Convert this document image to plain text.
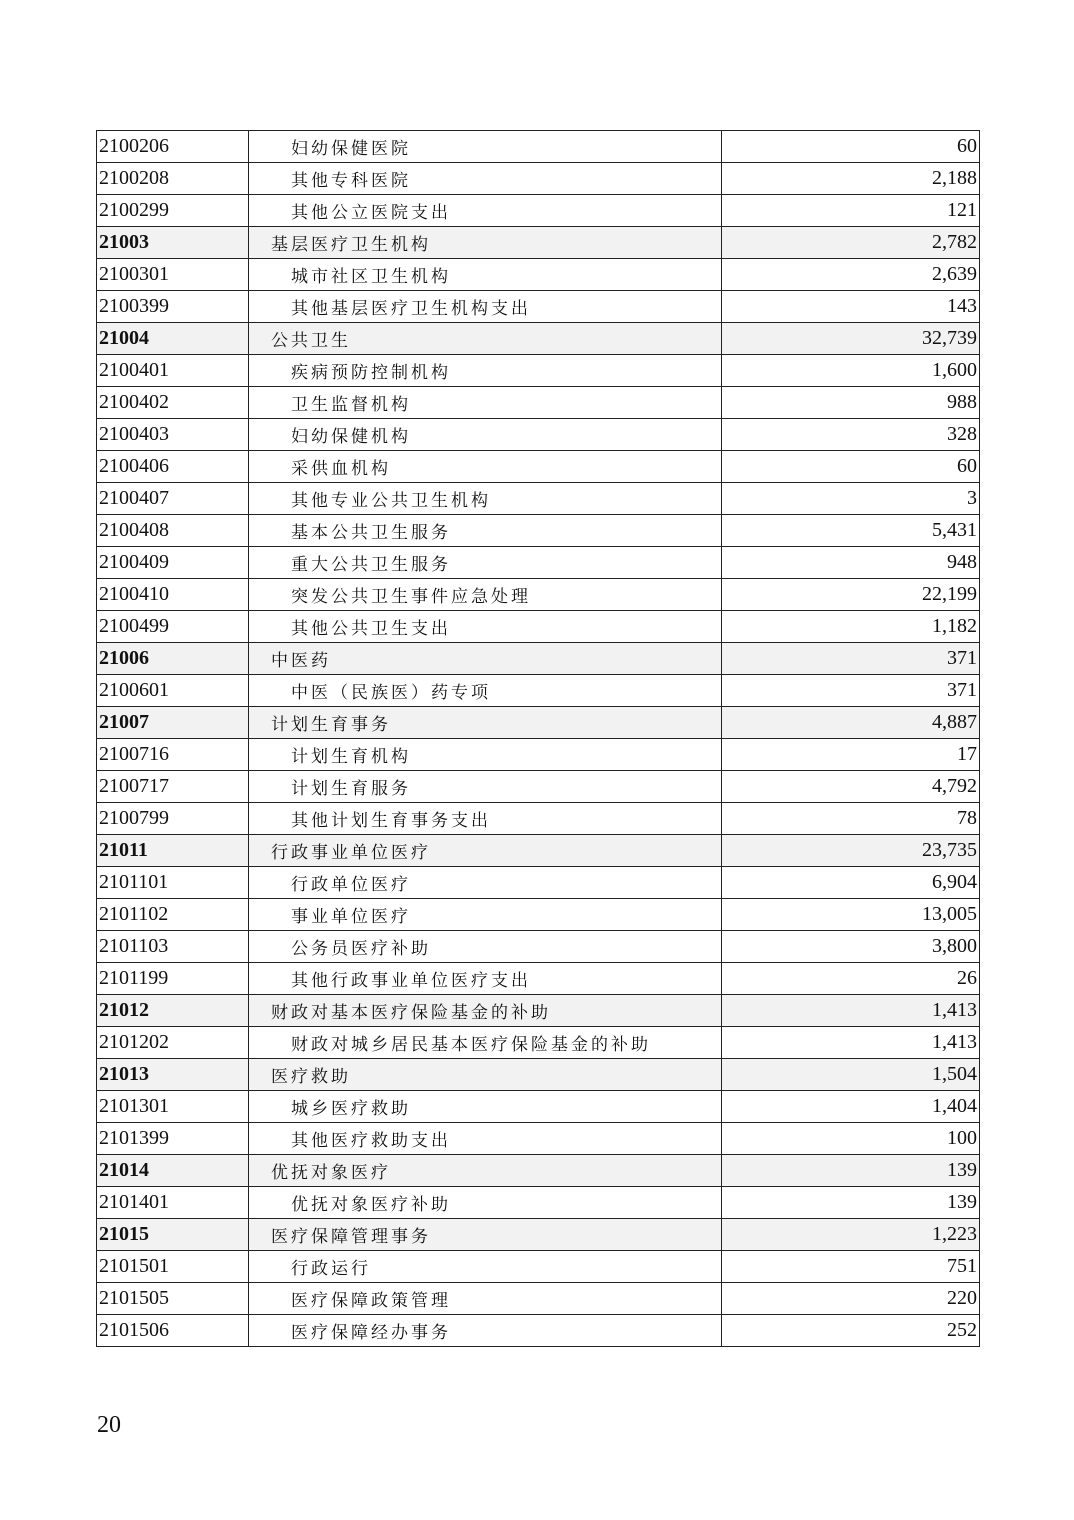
2100206	妇幼保健医院	60
2100208	其他专科医院	2,188
2100299	其他公立医院支出	121
21003	基层医疗卫生机构	2,782
2100301	城市社区卫生机构	2,639
2100399	其他基层医疗卫生机构支出	143
21004	公共卫生	32,739
2100401	疾病预防控制机构	1,600
2100402	卫生监督机构	988
2100403	妇幼保健机构	328
2100406	采供血机构	60
2100407	其他专业公共卫生机构	3
2100408	基本公共卫生服务	5,431
2100409	重大公共卫生服务	948
2100410	突发公共卫生事件应急处理	22,199
2100499	其他公共卫生支出	1,182
21006	中医药	371
2100601	中医（民族医）药专项	371
21007	计划生育事务	4,887
2100716	计划生育机构	17
2100717	计划生育服务	4,792
2100799	其他计划生育事务支出	78
21011	行政事业单位医疗	23,735
2101101	行政单位医疗	6,904
2101102	事业单位医疗	13,005
2101103	公务员医疗补助	3,800
2101199	其他行政事业单位医疗支出	26
21012	财政对基本医疗保险基金的补助	1,413
2101202	财政对城乡居民基本医疗保险基金的补助	1,413
21013	医疗救助	1,504
2101301	城乡医疗救助	1,404
2101399	其他医疗救助支出	100
21014	优抚对象医疗	139
2101401	优抚对象医疗补助	139
21015	医疗保障管理事务	1,223
2101501	行政运行	751
2101505	医疗保障政策管理	220
2101506	医疗保障经办事务	252
20
